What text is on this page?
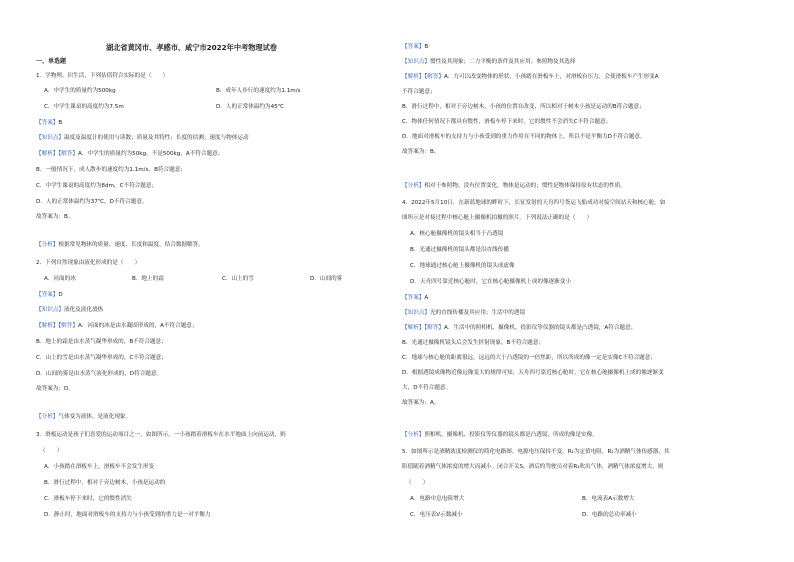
湖北省黄冈市、孝感市、咸宁市2022年中考物理试卷
一、单选题
1．学物理、识生活，下列估值符合实际的是（　　）
A．中学生的质量约为500kg	B．成年人步行的速度约为1.1m/s
C．中学生课桌的高度约为7.5m	D．人的正常体温约为45℃
【答案】B
【知识点】温度及温度计的使用与读数；质量及其特性；长度的估测；速度与物体运动
【解析】【解答】A．中学生的质量约为50kg，不是500kg，A不符合题意；
B．一般情况下，成人散步的速度约为1.1m/s，B符合题意；
C．中学生课桌的高度约为8dm，C不符合题意；
D．人的正常体温约为37℃，D不符合题意。
故答案为：B。
【分析】根据常见物体的质量、速度、长度和温度，结合数据解答。
2．下列自然现象由液化形成的是（　　）
A．河面的冰	B．地上的霜	C．山上的雪	D．山间的雾
【答案】D
【知识点】液化及液化放热
【解析】【解答】A．河面的冰是由水凝固形成的，A不符合题意；
B．地上的霜是由水蒸气凝华形成的，B不符合题意；
C．山上的雪是由水蒸气凝华形成的，C不符合题意；
D．山间的雾是由水蒸气液化形成的，D符合题意。
故答案为：D。
【分析】气体变为液体，是液化现象。
3．滑板运动是孩子们喜爱的运动项目之一，如图所示，一小孩踏着滑板车在水平地面上向前运动，则
（　　）
A．小孩踏在滑板车上，滑板车不会发生形变
B．滑行过程中，相对于旁边树木，小孩是运动的
C．滑板车停下来时，它的惯性消失
D．静止时，地面对滑板车的支持力与小孩受到的重力是一对平衡力
【答案】B
【知识点】惯性及其现象；二力平衡的条件及其应用；参照物及其选择
【解析】【解答】A．力可以改变物体的形状，小孩踏在滑板车上，对滑板有压力，会使滑板车产生形变A
不符合题意；
B．滑行过程中，相对于旁边树木，小孩的位置在改变，所以相对于树木小孩是运动的B符合题意；
C．物体任何情况下都具有惯性，滑板车停下来时，它的惯性不会消失C不符合题意；
D．地面对滑板车的支持力与小孩受到的重力作用在不同的物体上，所以不是平衡力D不符合题意。
故答案为：B。
【分析】相对于参照物，没有位置变化，物体是运动的；惯性是物体保持原有状态的性质。
4．2022年5月10日，在新蓝地球的畔时下，长征发射的天舟四号货运飞船成功对接空间站天和核心舱。如
图所示是对接过程中核心舱上摄像机拍摄的照片。下列说法正确的是（　　）
A．核心舱摄像机的镜头相当于凸透镜
B．光通过摄像机的镜头都是沿直线传播
C．地球通过核心舱上摄像机的镜头成虚像
D．天舟四号靠近核心舱时，它在核心舱摄像机上成的像逐渐变小
【答案】A
【知识点】光的直线传播及其应用；生活中的透镜
【解析】【解答】A．生活中的照相机、摄像机、投影仪等仪器的镜头都是凸透镜，A符合题意；
B．光通过摄像机镜头后会发生折射现象，B不符合题意；
C．地球与核心舱的距离很远，远远的大于凸透镜的一倍焦距，所以所成的像一定是实像C不符合题意；
D．根据透镜成像物近像远像变大的规律可知，天舟四号靠近核心舱时，它在核心舱摄像机上成的像逐渐变
大，D不符合题意。
故答案为：A。
【分析】照相机、摄像机、投影仪等仪器的镜头都是凸透镜，所成的像是实像。
5．如图所示是酒精浓度检测仪的简化电路图。电源电压保持不变，R₁为定值电阻，R₂为酒精气体传感器，其
阻值随着酒精气体浓度的增大而减小。闭合开关S，酒后的驾驶员对着R₂吹出气体，酒精气体浓度增大，则
（　　）
A．电路中总电阻增大	B．电流表A示数增大
C．电压表V示数减小	D．电路的总功率减小
